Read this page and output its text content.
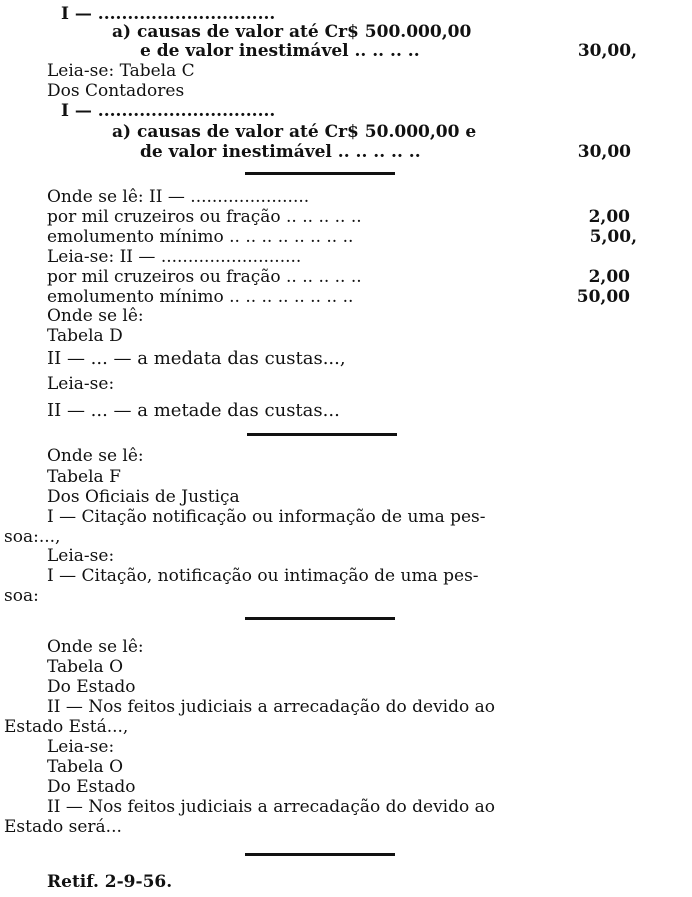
I — ..............................
a) causas de valor até Cr$ 500.000,00
e de valor inestimável .. .. .. ..	30,00,
Leia-se: Tabela C
Dos Contadores
I — ..............................
a) causas de valor até Cr$ 50.000,00 e
de valor inestimável .. .. .. .. ..	30,00
Onde se lê: II — ......................
por mil cruzeiros ou fração .. .. .. .. ..	2,00
emolumento mínimo .. .. .. .. .. .. .. ..	5,00,
Leia-se: II — ..........................
por mil cruzeiros ou fração .. .. .. .. ..	2,00
emolumento mínimo .. .. .. .. .. .. .. ..	50,00
Onde se lê:
Tabela D
II — ... — a medata das custas...,
Leia-se:
II — ... — a metade das custas...
Onde se lê:
Tabela F
Dos Oficiais de Justiça
I — Citação notificação ou informação de uma pes-
soa:...,
Leia-se:
I — Citação, notificação ou intimação de uma pes-
soa:
Onde se lê:
Tabela O
Do Estado
II — Nos feitos judiciais a arrecadação do devido ao
Estado Está...,
Leia-se:
Tabela O
Do Estado
II — Nos feitos judiciais a arrecadação do devido ao
Estado será...
Retif. 2-9-56.
